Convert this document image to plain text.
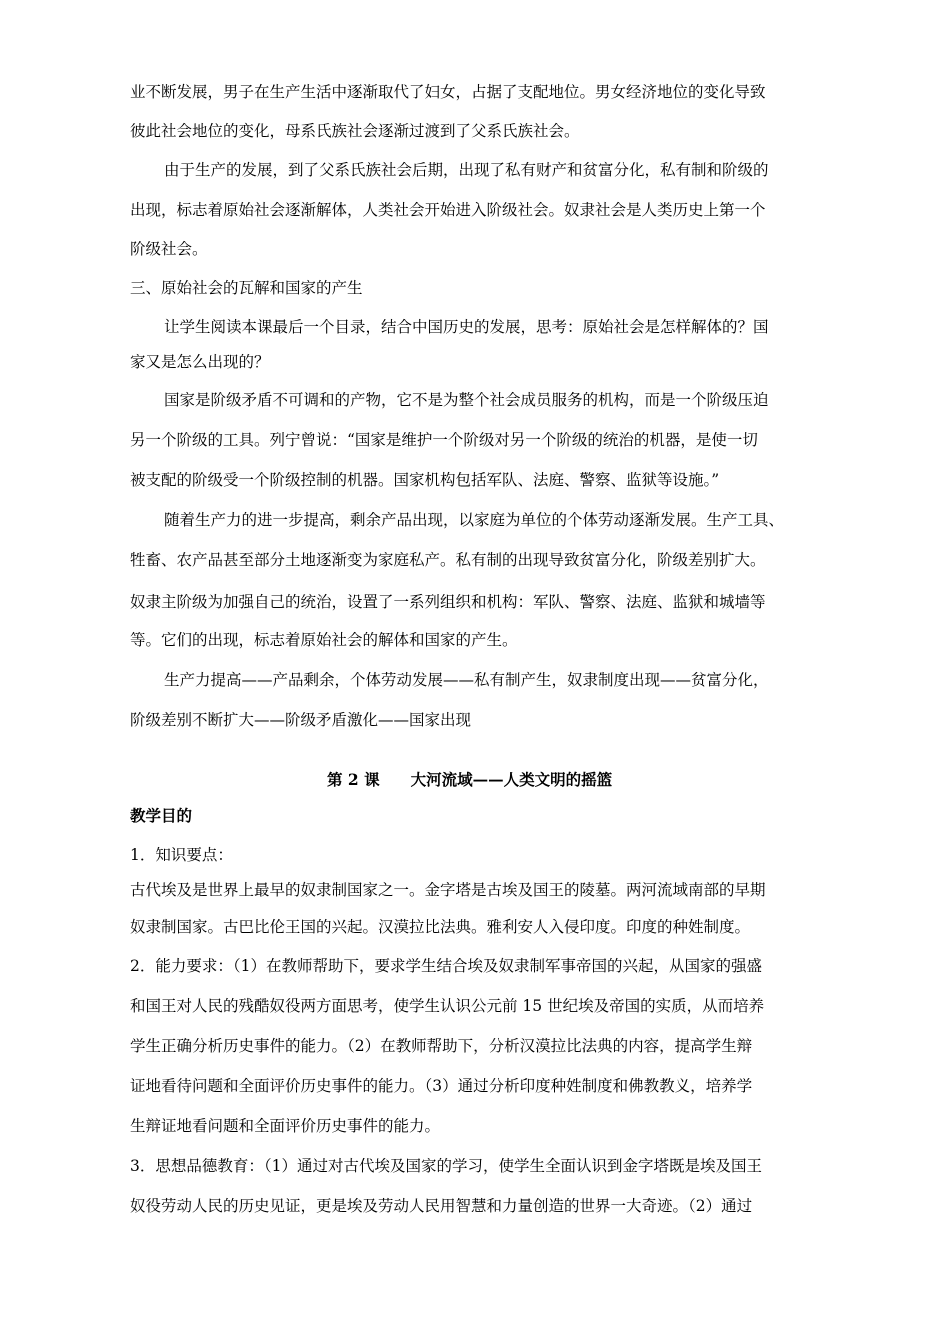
业不断发展，男子在生产生活中逐渐取代了妇女，占据了支配地位。男女经济地位的变化导致
彼此社会地位的变化，母系氏族社会逐渐过渡到了父系氏族社会。
由于生产的发展，到了父系氏族社会后期，出现了私有财产和贫富分化，私有制和阶级的
出现，标志着原始社会逐渐解体，人类社会开始进入阶级社会。奴隶社会是人类历史上第一个
阶级社会。
三、原始社会的瓦解和国家的产生
让学生阅读本课最后一个目录，结合中国历史的发展，思考：原始社会是怎样解体的？国
家又是怎么出现的？
国家是阶级矛盾不可调和的产物，它不是为整个社会成员服务的机构，而是一个阶级压迫
另一个阶级的工具。列宁曾说：“国家是维护一个阶级对另一个阶级的统治的机器，是使一切
被支配的阶级受一个阶级控制的机器。国家机构包括军队、法庭、警察、监狱等设施。”
随着生产力的进一步提高，剩余产品出现，以家庭为单位的个体劳动逐渐发展。生产工具、
牲畜、农产品甚至部分土地逐渐变为家庭私产。私有制的出现导致贫富分化，阶级差别扩大。
奴隶主阶级为加强自己的统治，设置了一系列组织和机构：军队、警察、法庭、监狱和城墙等
等。它们的出现，标志着原始社会的解体和国家的产生。
生产力提高——产品剩余，个体劳动发展——私有制产生，奴隶制度出现——贫富分化，
阶级差别不断扩大——阶级矛盾激化——国家出现
第 2 课　　大河流域——人类文明的摇篮
教学目的
1．知识要点：
古代埃及是世界上最早的奴隶制国家之一。金字塔是古埃及国王的陵墓。两河流域南部的早期
奴隶制国家。古巴比伦王国的兴起。汉漠拉比法典。雅利安人入侵印度。印度的种姓制度。
2．能力要求：（1）在教师帮助下，要求学生结合埃及奴隶制军事帝国的兴起，从国家的强盛
和国王对人民的残酷奴役两方面思考，使学生认识公元前 15 世纪埃及帝国的实质，从而培养
学生正确分析历史事件的能力。（2）在教师帮助下，分析汉漠拉比法典的内容，提高学生辩
证地看待问题和全面评价历史事件的能力。（3）通过分析印度种姓制度和佛教教义，培养学
生辩证地看问题和全面评价历史事件的能力。
3．思想品德教育：（1）通过对古代埃及国家的学习，使学生全面认识到金字塔既是埃及国王
奴役劳动人民的历史见证，更是埃及劳动人民用智慧和力量创造的世界一大奇迹。（2）通过
